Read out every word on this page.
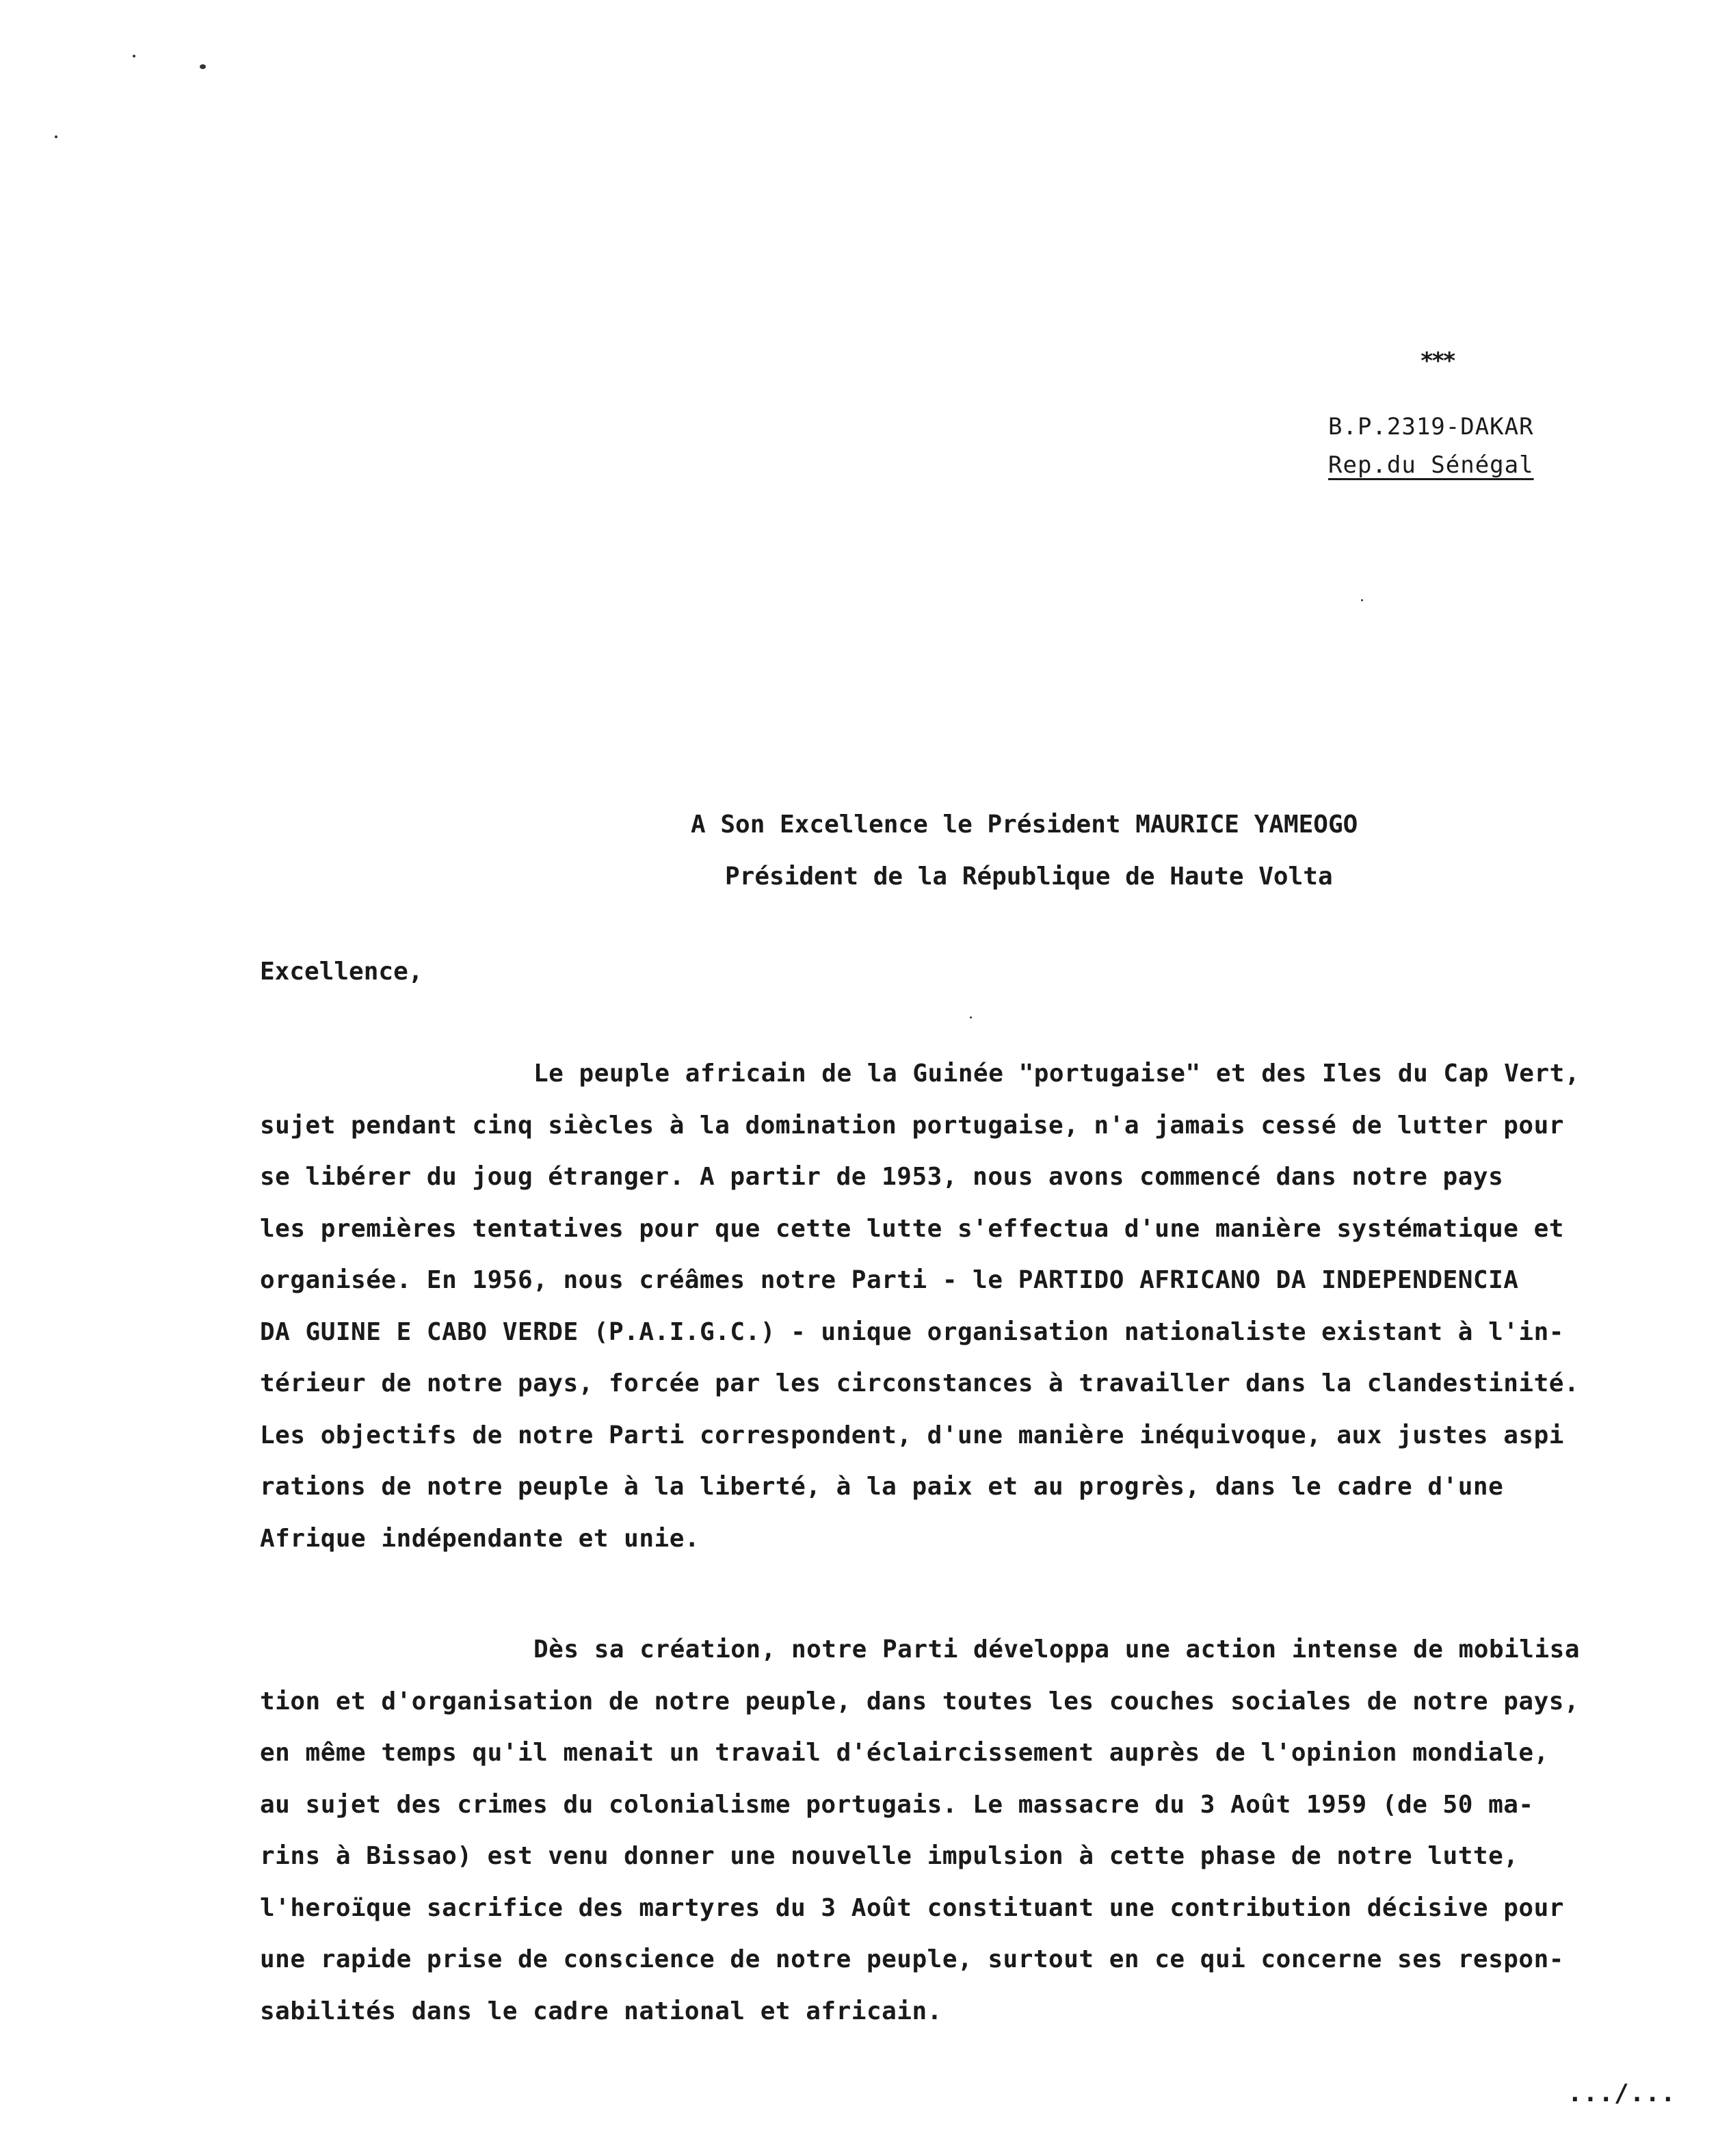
***
B.P.2319-DAKAR
Rep.du Sénégal
A Son Excellence le Président MAURICE YAMEOGO
Président de la République de Haute Volta
Excellence,
Le peuple africain de la Guinée "portugaise" et des Iles du Cap Vert,
sujet pendant cinq siècles à la domination portugaise, n'a jamais cessé de lutter pour
se libérer du joug étranger. A partir de 1953, nous avons commencé dans notre pays
les premières tentatives pour que cette lutte s'effectua d'une manière systématique et
organisée. En 1956, nous créâmes notre Parti - le PARTIDO AFRICANO DA INDEPENDENCIA
DA GUINE E CABO VERDE (P.A.I.G.C.) - unique organisation nationaliste existant à l'in-
térieur de notre pays, forcée par les circonstances à travailler dans la clandestinité.
Les objectifs de notre Parti correspondent, d'une manière inéquivoque, aux justes aspi
rations de notre peuple à la liberté, à la paix et au progrès, dans le cadre d'une
Afrique indépendante et unie.
Dès sa création, notre Parti développa une action intense de mobilisa
tion et d'organisation de notre peuple, dans toutes les couches sociales de notre pays,
en même temps qu'il menait un travail d'éclaircissement auprès de l'opinion mondiale,
au sujet des crimes du colonialisme portugais. Le massacre du 3 Août 1959 (de 50 ma-
rins à Bissao) est venu donner une nouvelle impulsion à cette phase de notre lutte,
l'heroïque sacrifice des martyres du 3 Août constituant une contribution décisive pour
une rapide prise de conscience de notre peuple, surtout en ce qui concerne ses respon-
sabilités dans le cadre national et africain.
.../...
